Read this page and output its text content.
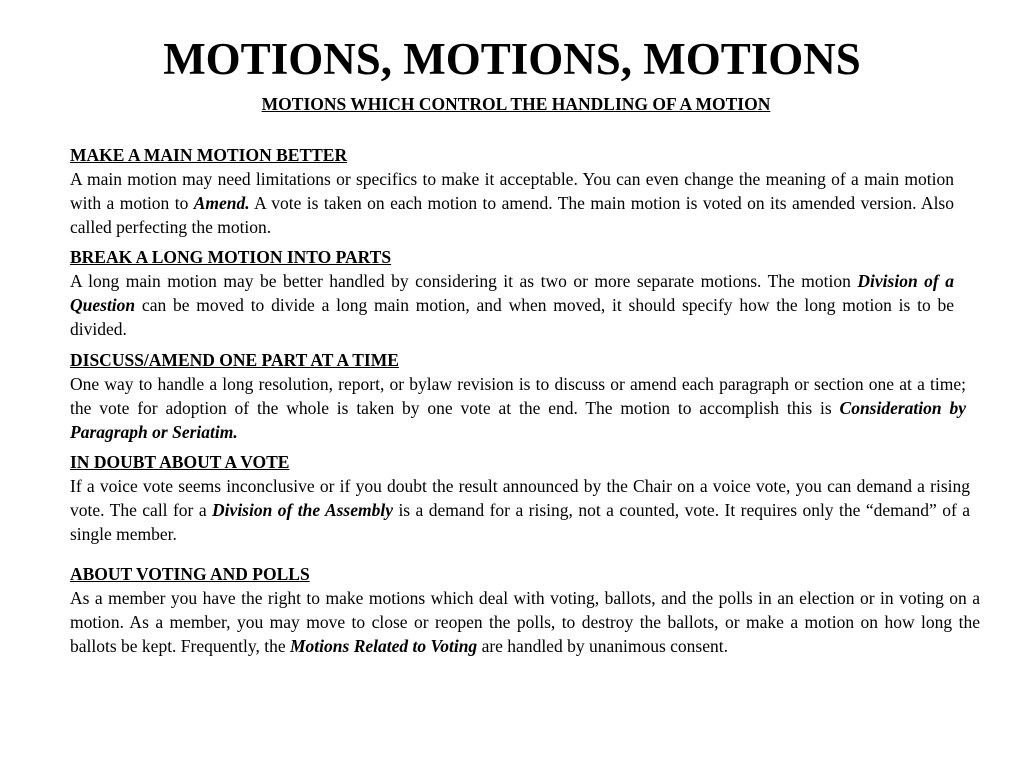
MOTIONS, MOTIONS, MOTIONS
MOTIONS WHICH CONTROL THE HANDLING OF A MOTION
MAKE A MAIN MOTION BETTER

A main motion may need limitations or specifics to make it acceptable. You can even change the meaning of a main motion with a motion to Amend. A vote is taken on each motion to amend. The main motion is voted on its amended version. Also called perfecting the motion.

BREAK A LONG MOTION INTO PARTS

A long main motion may be better handled by considering it as two or more separate motions. The motion Division of a Question can be moved to divide a long main motion, and when moved, it should specify how the long motion is to be divided.

DISCUSS/AMEND ONE PART AT A TIME

One way to handle a long resolution, report, or bylaw revision is to discuss or amend each paragraph or section one at a time; the vote for adoption of the whole is taken by one vote at the end. The motion to accomplish this is Consideration by Paragraph or Seriatim.

IN DOUBT ABOUT A VOTE

If a voice vote seems inconclusive or if you doubt the result announced by the Chair on a voice vote, you can demand a rising vote. The call for a Division of the Assembly is a demand for a rising, not a counted, vote. It requires only the “demand” of a single member.

ABOUT VOTING AND POLLS

As a member you have the right to make motions which deal with voting, ballots, and the polls in an election or in voting on a motion. As a member, you may move to close or reopen the polls, to destroy the ballots, or make a motion on how long the ballots be kept. Frequently, the Motions Related to Voting are handled by unanimous consent.
